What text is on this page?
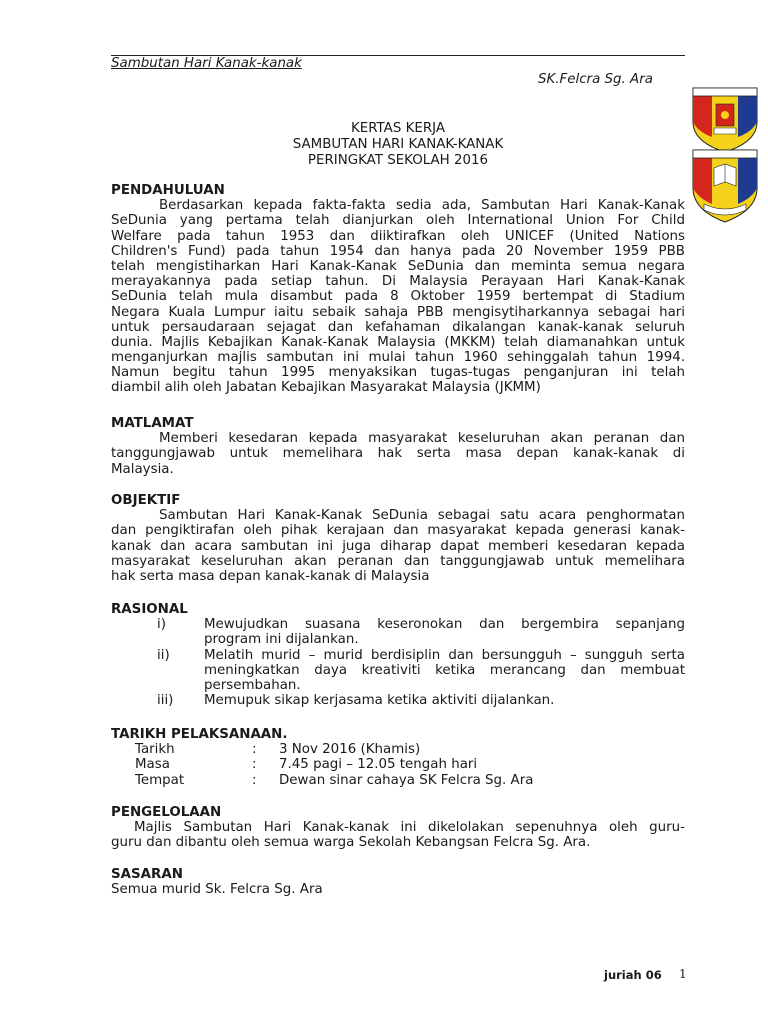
Sambutan Hari Kanak-kanak
SK.Felcra Sg. Ara
KERTAS KERJA
SAMBUTAN HARI KANAK-KANAK
PERINGKAT SEKOLAH 2016
PENDAHULUAN
Berdasarkan kepada fakta-fakta sedia ada, Sambutan Hari Kanak-Kanak
SeDunia yang pertama telah dianjurkan oleh International Union For Child
Welfare pada tahun 1953 dan diiktirafkan oleh UNICEF (United Nations
Children's Fund) pada tahun 1954 dan hanya pada 20 November 1959 PBB
telah mengistiharkan Hari Kanak-Kanak SeDunia dan meminta semua negara
merayakannya pada setiap tahun. Di Malaysia Perayaan Hari Kanak-Kanak
SeDunia telah mula disambut pada 8 Oktober 1959 bertempat di Stadium
Negara Kuala Lumpur iaitu sebaik sahaja PBB mengisytiharkannya sebagai hari
untuk persaudaraan sejagat dan kefahaman dikalangan kanak-kanak seluruh
dunia. Majlis Kebajikan Kanak-Kanak Malaysia (MKKM) telah diamanahkan untuk
menganjurkan majlis sambutan ini mulai tahun 1960 sehinggalah tahun 1994.
Namun begitu tahun 1995 menyaksikan tugas-tugas penganjuran ini telah
diambil alih oleh Jabatan Kebajikan Masyarakat Malaysia (JKMM)
MATLAMAT
Memberi kesedaran kepada masyarakat keseluruhan akan peranan dan
tanggungjawab untuk memelihara hak serta masa depan kanak-kanak di
Malaysia.
OBJEKTIF
Sambutan Hari Kanak-Kanak SeDunia sebagai satu acara penghormatan
dan pengiktirafan oleh pihak kerajaan dan masyarakat kepada generasi kanak-
kanak dan acara sambutan ini juga diharap dapat memberi kesedaran kepada
masyarakat keseluruhan akan peranan dan tanggungjawab untuk memelihara
hak serta masa depan kanak-kanak di Malaysia
RASIONAL
i)	Mewujudkan suasana keseronokan dan bergembira sepanjang
program ini dijalankan.
ii)	Melatih murid – murid berdisiplin dan bersungguh – sungguh serta
meningkatkan daya kreativiti ketika merancang dan membuat
persembahan.
iii) Memupuk sikap kerjasama ketika aktiviti dijalankan.
TARIKH PELAKSANAAN.
Tarikh	: 3 Nov 2016 (Khamis)
Masa	: 7.45 pagi – 12.05 tengah hari
Tempat	: Dewan sinar cahaya SK Felcra Sg. Ara
PENGELOLAAN
Majlis Sambutan Hari Kanak-kanak ini dikelolakan sepenuhnya oleh guru-
guru dan dibantu oleh semua warga Sekolah Kebangsan Felcra Sg. Ara.
SASARAN
Semua murid Sk. Felcra Sg. Ara
juriah 06 1
